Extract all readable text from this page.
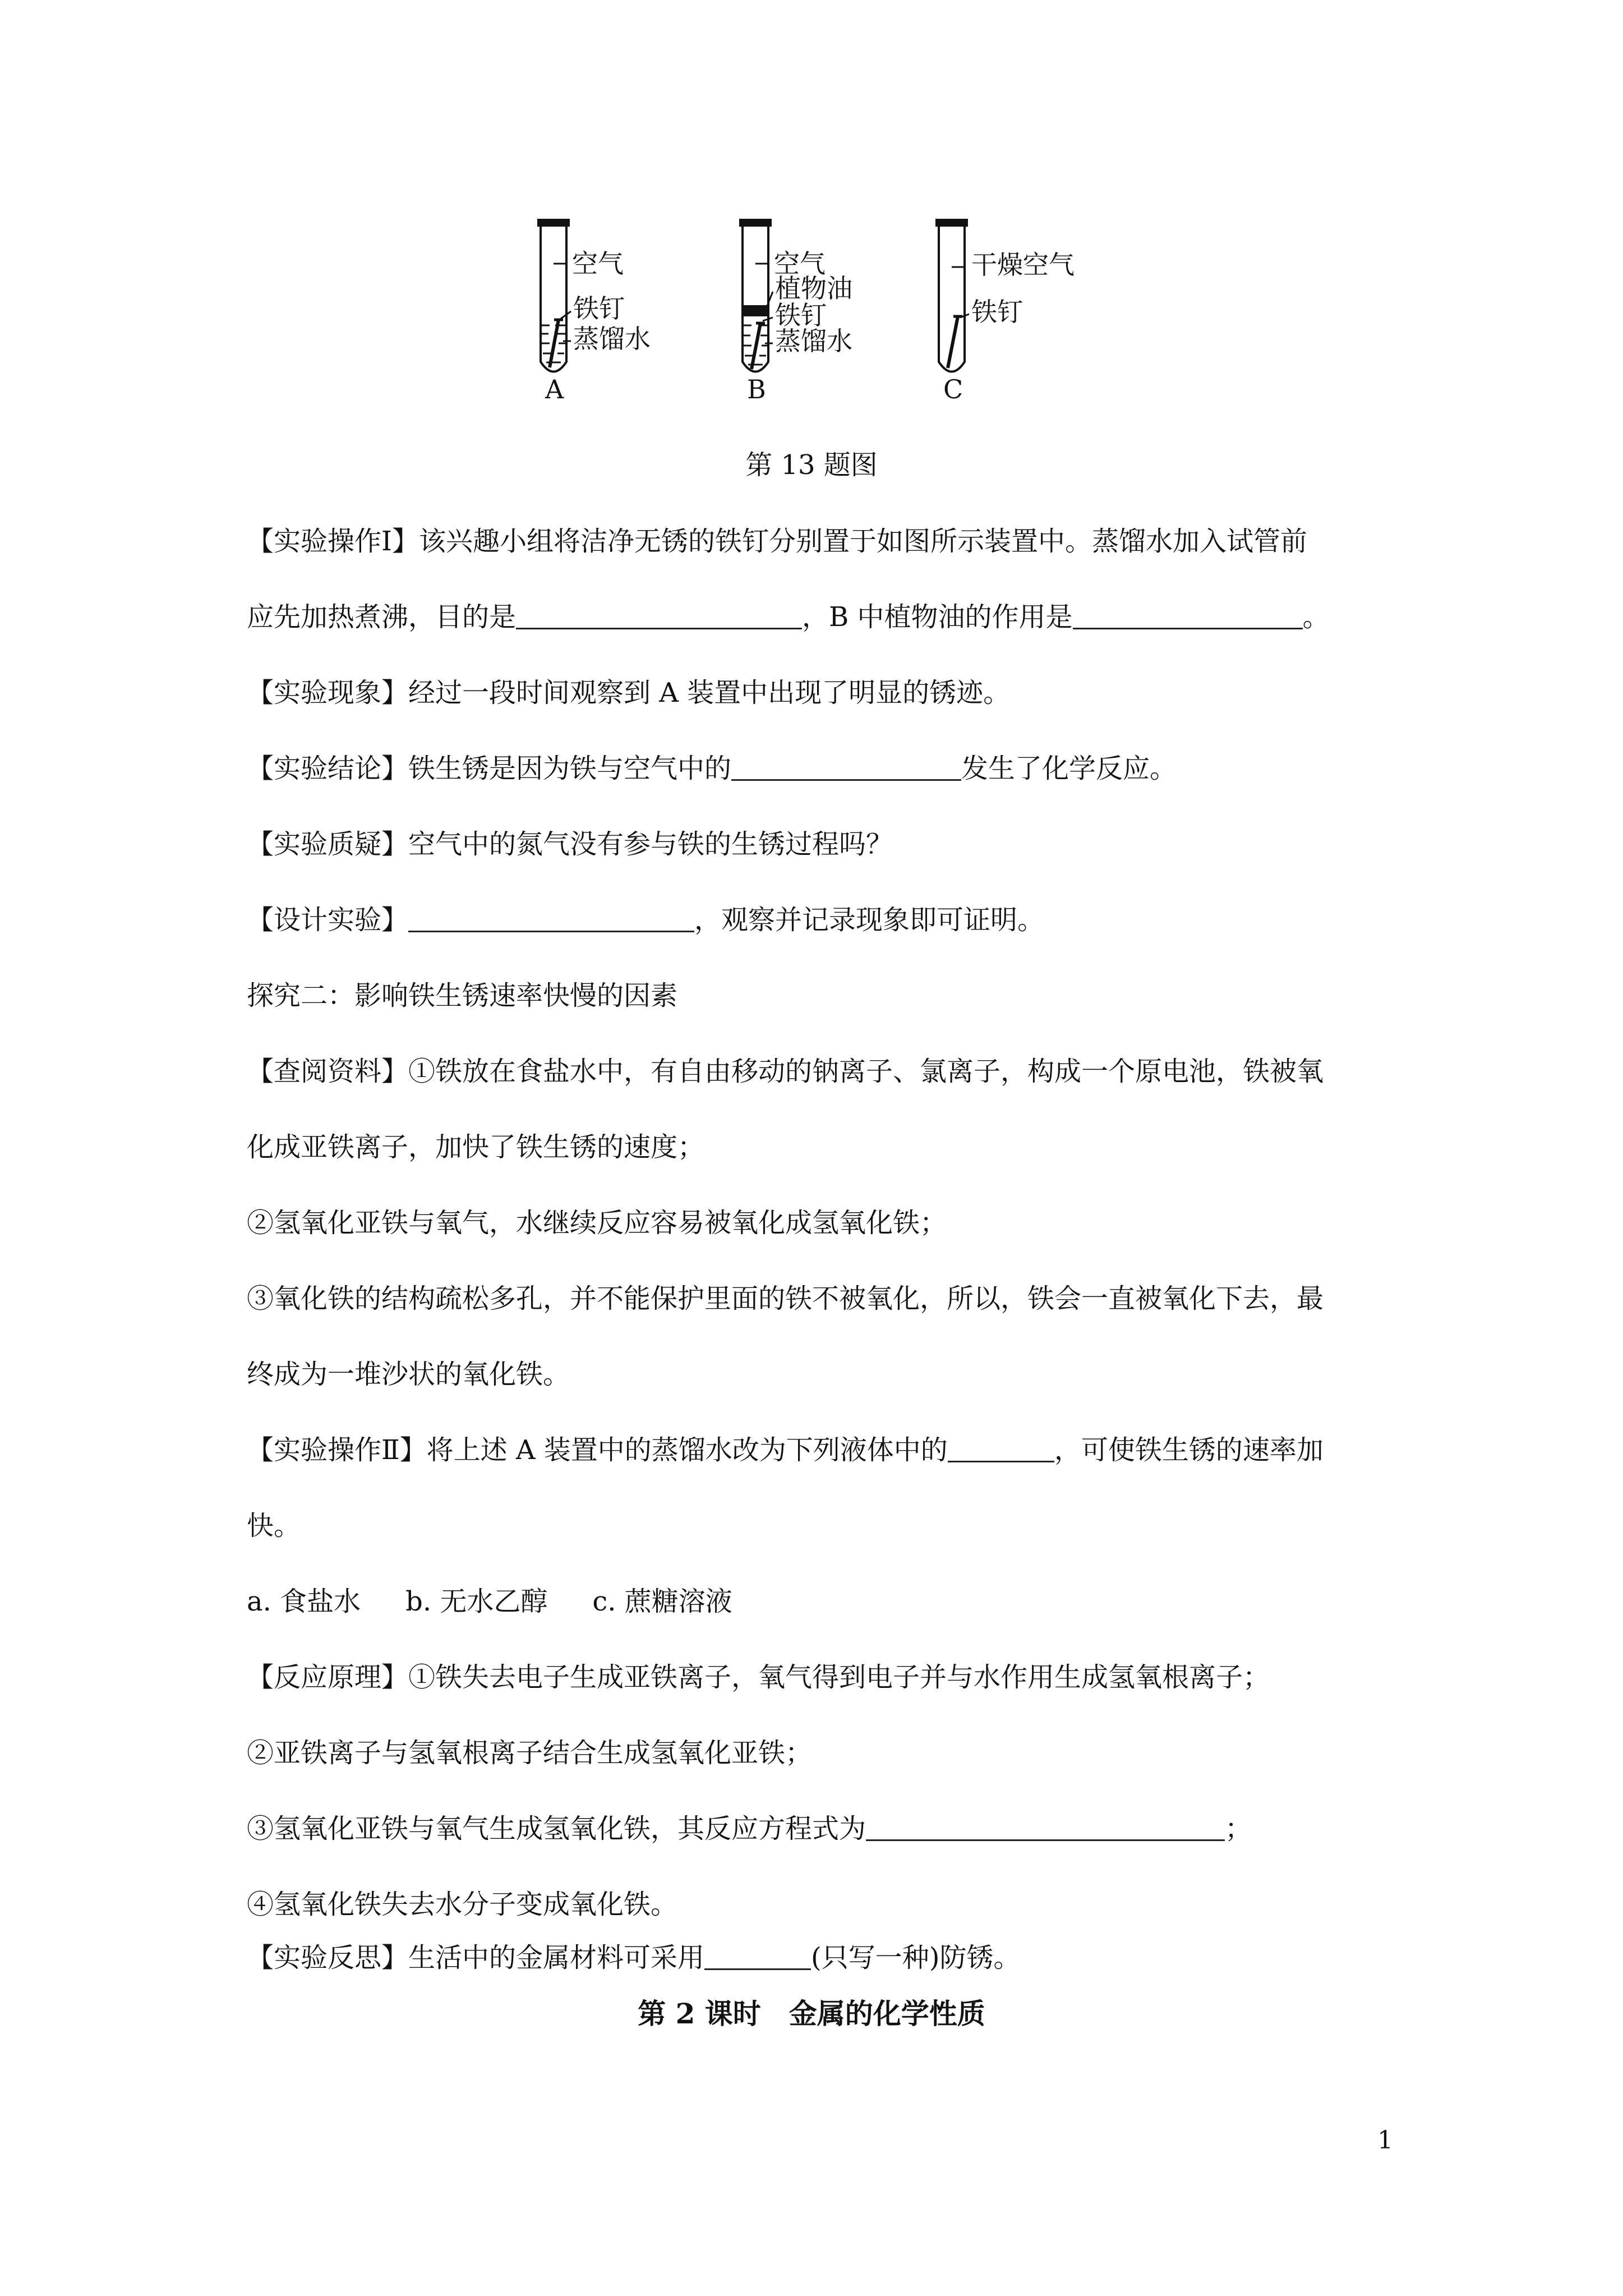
空气
铁钉
蒸馏水
A
空气
植物油
铁钉
蒸馏水
B
干燥空气
铁钉
C
第 13 题图
【实验操作Ⅰ】该兴趣小组将洁净无锈的铁钉分别置于如图所示装置中。蒸馏水加入试管前
应先加热煮沸，目的是	，B 中植物油的作用是	。
【实验现象】经过一段时间观察到 A 装置中出现了明显的锈迹。
【实验结论】铁生锈是因为铁与空气中的	发生了化学反应。
【实验质疑】空气中的氮气没有参与铁的生锈过程吗？
【设计实验】	，观察并记录现象即可证明。
探究二：影响铁生锈速率快慢的因素
【查阅资料】①铁放在食盐水中，有自由移动的钠离子、氯离子，构成一个原电池，铁被氧
化成亚铁离子，加快了铁生锈的速度；
②氢氧化亚铁与氧气，水继续反应容易被氧化成氢氧化铁；
③氧化铁的结构疏松多孔，并不能保护里面的铁不被氧化，所以，铁会一直被氧化下去，最
终成为一堆沙状的氧化铁。
【实验操作Ⅱ】将上述 A 装置中的蒸馏水改为下列液体中的	，可使铁生锈的速率加
快。
a. 食盐水 b. 无水乙醇 c. 蔗糖溶液
【反应原理】①铁失去电子生成亚铁离子，氧气得到电子并与水作用生成氢氧根离子；
②亚铁离子与氢氧根离子结合生成氢氧化亚铁；
③氢氧化亚铁与氧气生成氢氧化铁，其反应方程式为	；
④氢氧化铁失去水分子变成氧化铁。
【实验反思】生活中的金属材料可采用	(只写一种)防锈。
第 2 课时　金属的化学性质
1
